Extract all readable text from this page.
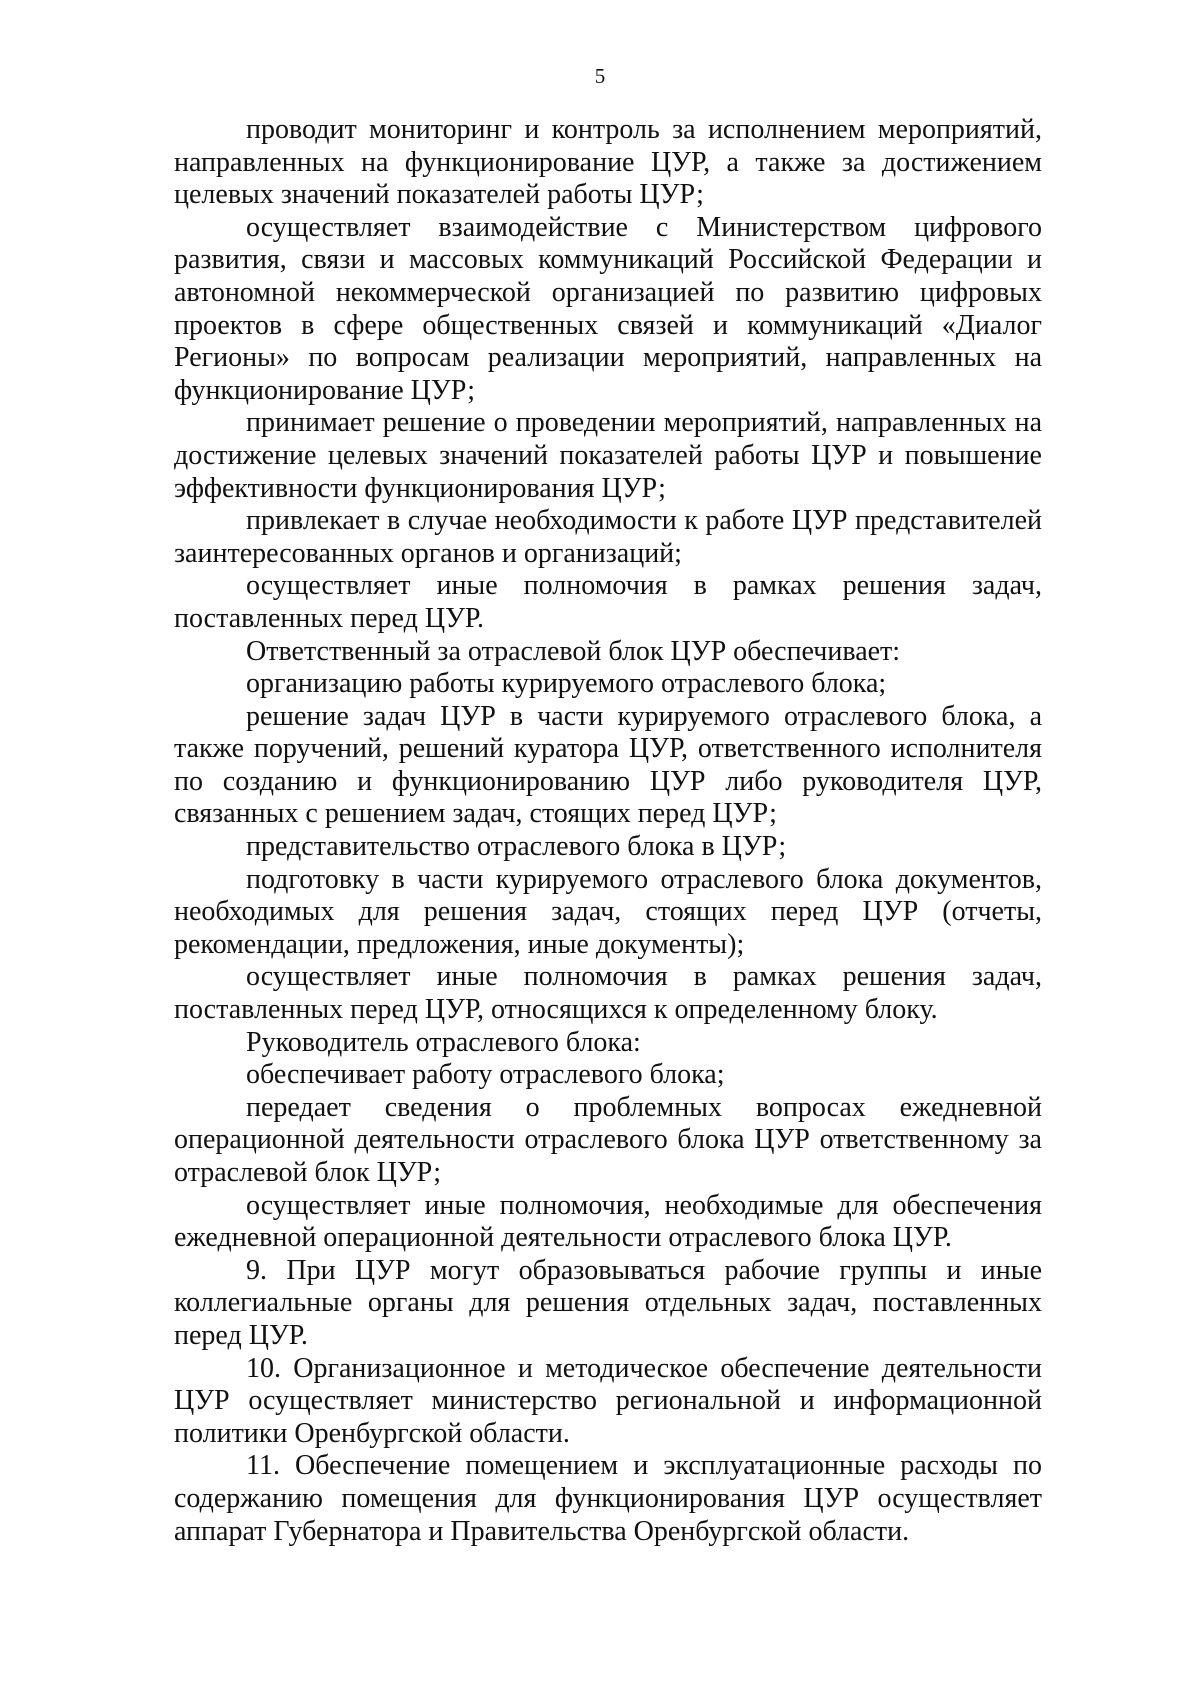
5

проводит мониторинг и контроль за исполнением мероприятий, направленных на функционирование ЦУР, а также за достижением целевых значений показателей работы ЦУР;

осуществляет взаимодействие с Министерством цифрового развития, связи и массовых коммуникаций Российской Федерации и автономной некоммерческой организацией по развитию цифровых проектов в сфере общественных связей и коммуникаций «Диалог Регионы» по вопросам реализации мероприятий, направленных на функционирование ЦУР;

принимает решение о проведении мероприятий, направленных на достижение целевых значений показателей работы ЦУР и повышение эффективности функционирования ЦУР;

привлекает в случае необходимости к работе ЦУР представителей заинтересованных органов и организаций;

осуществляет иные полномочия в рамках решения задач, поставленных перед ЦУР.

Ответственный за отраслевой блок ЦУР обеспечивает:

организацию работы курируемого отраслевого блока;

решение задач ЦУР в части курируемого отраслевого блока, а также поручений, решений куратора ЦУР, ответственного исполнителя по созданию и функционированию ЦУР либо руководителя ЦУР, связанных с решением задач, стоящих перед ЦУР;

представительство отраслевого блока в ЦУР;

подготовку в части курируемого отраслевого блока документов, необходимых для решения задач, стоящих перед ЦУР (отчеты, рекомендации, предложения, иные документы);

осуществляет иные полномочия в рамках решения задач, поставленных перед ЦУР, относящихся к определенному блоку.

Руководитель отраслевого блока:

обеспечивает работу отраслевого блока;

передает сведения о проблемных вопросах ежедневной операционной деятельности отраслевого блока ЦУР ответственному за отраслевой блок ЦУР;

осуществляет иные полномочия, необходимые для обеспечения ежедневной операционной деятельности отраслевого блока ЦУР.

9. При ЦУР могут образовываться рабочие группы и иные коллегиальные органы для решения отдельных задач, поставленных перед ЦУР.

10. Организационное и методическое обеспечение деятельности ЦУР осуществляет министерство региональной и информационной политики Оренбургской области.

11. Обеспечение помещением и эксплуатационные расходы по содержанию помещения для функционирования ЦУР осуществляет аппарат Губернатора и Правительства Оренбургской области.
